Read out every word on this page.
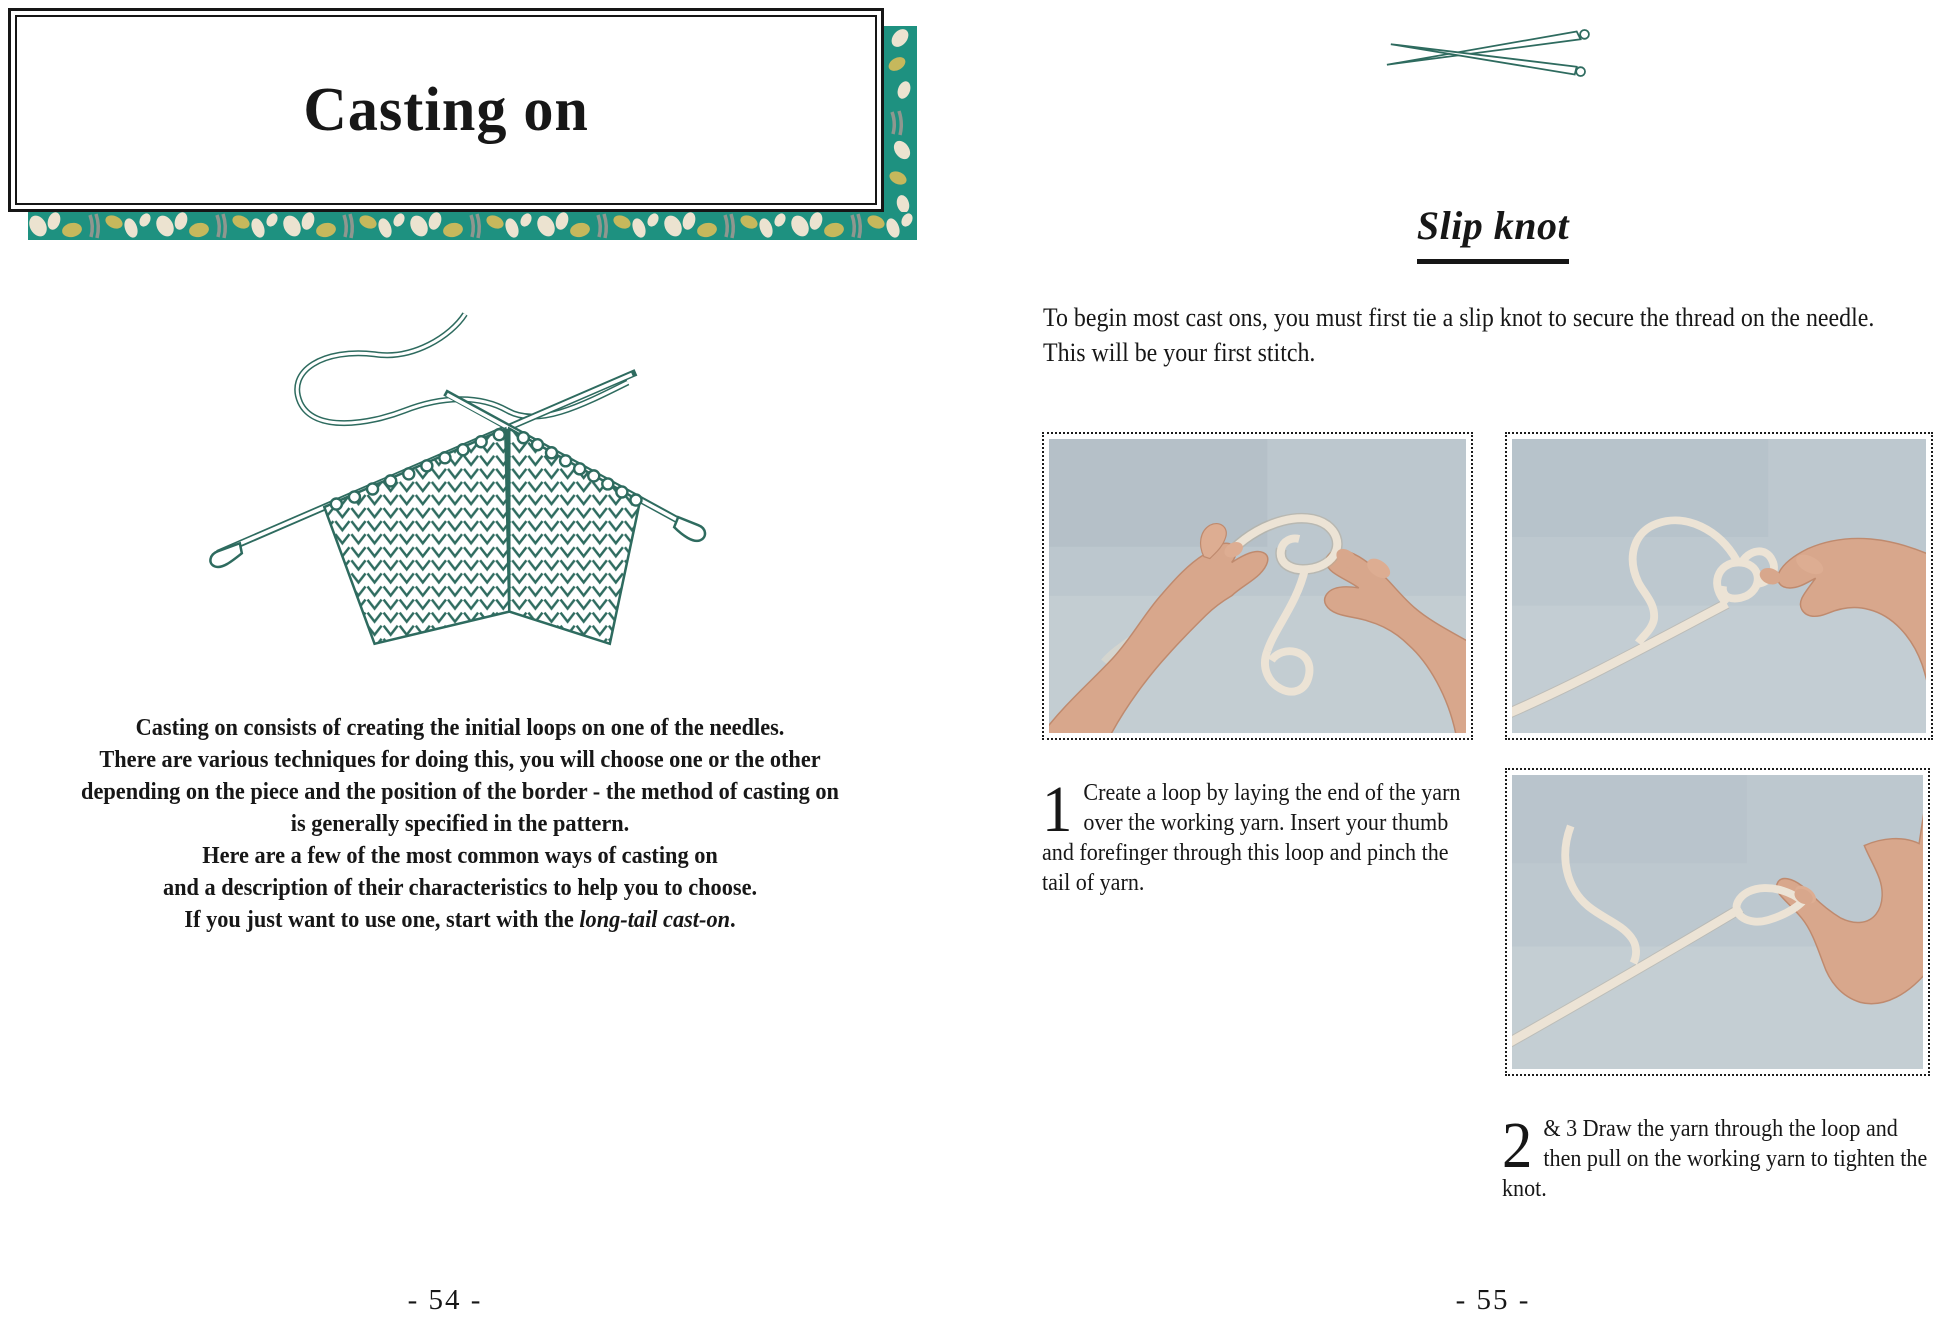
Casting on
Casting on consists of creating the initial loops on one of the needles.
There are various techniques for doing this, you will choose one or the other
depending on the piece and the position of the border - the method of casting on
is generally specified in the pattern.
Here are a few of the most common ways of casting on
and a description of their characteristics to help you to choose.
If you just want to use one, start with the long-tail cast-on.
- 54 -
Slip knot
To begin most cast ons, you must first tie a slip knot to secure the thread on the needle.
This will be your first stitch.
1 Create a loop by laying the end of the yarn over the working yarn. Insert your thumb and forefinger through this loop and pinch the tail of yarn.
2 & 3 Draw the yarn through the loop and then pull on the working yarn to tighten the knot.
- 55 -
